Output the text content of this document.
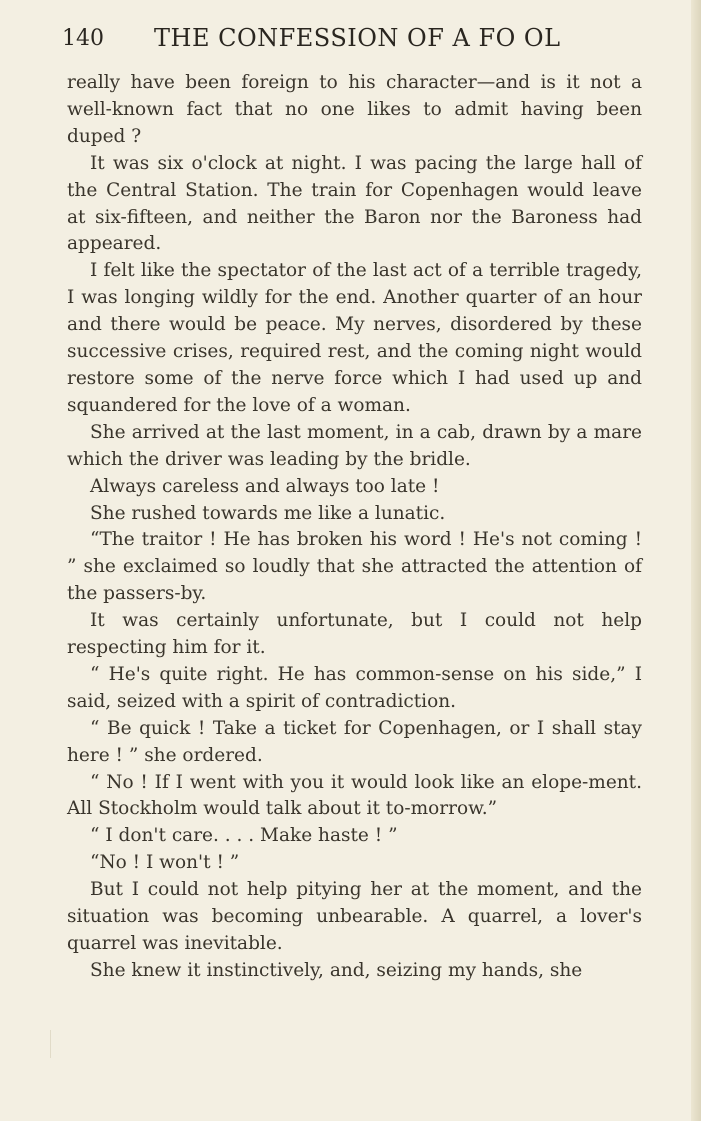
140 THE CONFESSION OF A FO OL

really have been foreign to his character—and is it not a well-known fact that no one likes to admit having been duped ?

It was six o'clock at night. I was pacing the large hall of the Central Station. The train for Copenhagen would leave at six-fifteen, and neither the Baron nor the Baroness had appeared.

I felt like the spectator of the last act of a terrible tragedy, I was longing wildly for the end. Another quarter of an hour and there would be peace. My nerves, disordered by these successive crises, required rest, and the coming night would restore some of the nerve force which I had used up and squandered for the love of a woman.

She arrived at the last moment, in a cab, drawn by a mare which the driver was leading by the bridle.

Always careless and always too late !

She rushed towards me like a lunatic.

“The traitor ! He has broken his word ! He's not coming ! ” she exclaimed so loudly that she attracted the attention of the passers-by.

It was certainly unfortunate, but I could not help respecting him for it.

“ He's quite right. He has common-sense on his side,” I said, seized with a spirit of contradiction.

“ Be quick ! Take a ticket for Copenhagen, or I shall stay here ! ” she ordered.

“ No ! If I went with you it would look like an elope-ment. All Stockholm would talk about it to-morrow.”

“ I don't care. . . . Make haste ! ”

“No ! I won't ! ”

But I could not help pitying her at the moment, and the situation was becoming unbearable. A quarrel, a lover's quarrel was inevitable.

She knew it instinctively, and, seizing my hands, she
